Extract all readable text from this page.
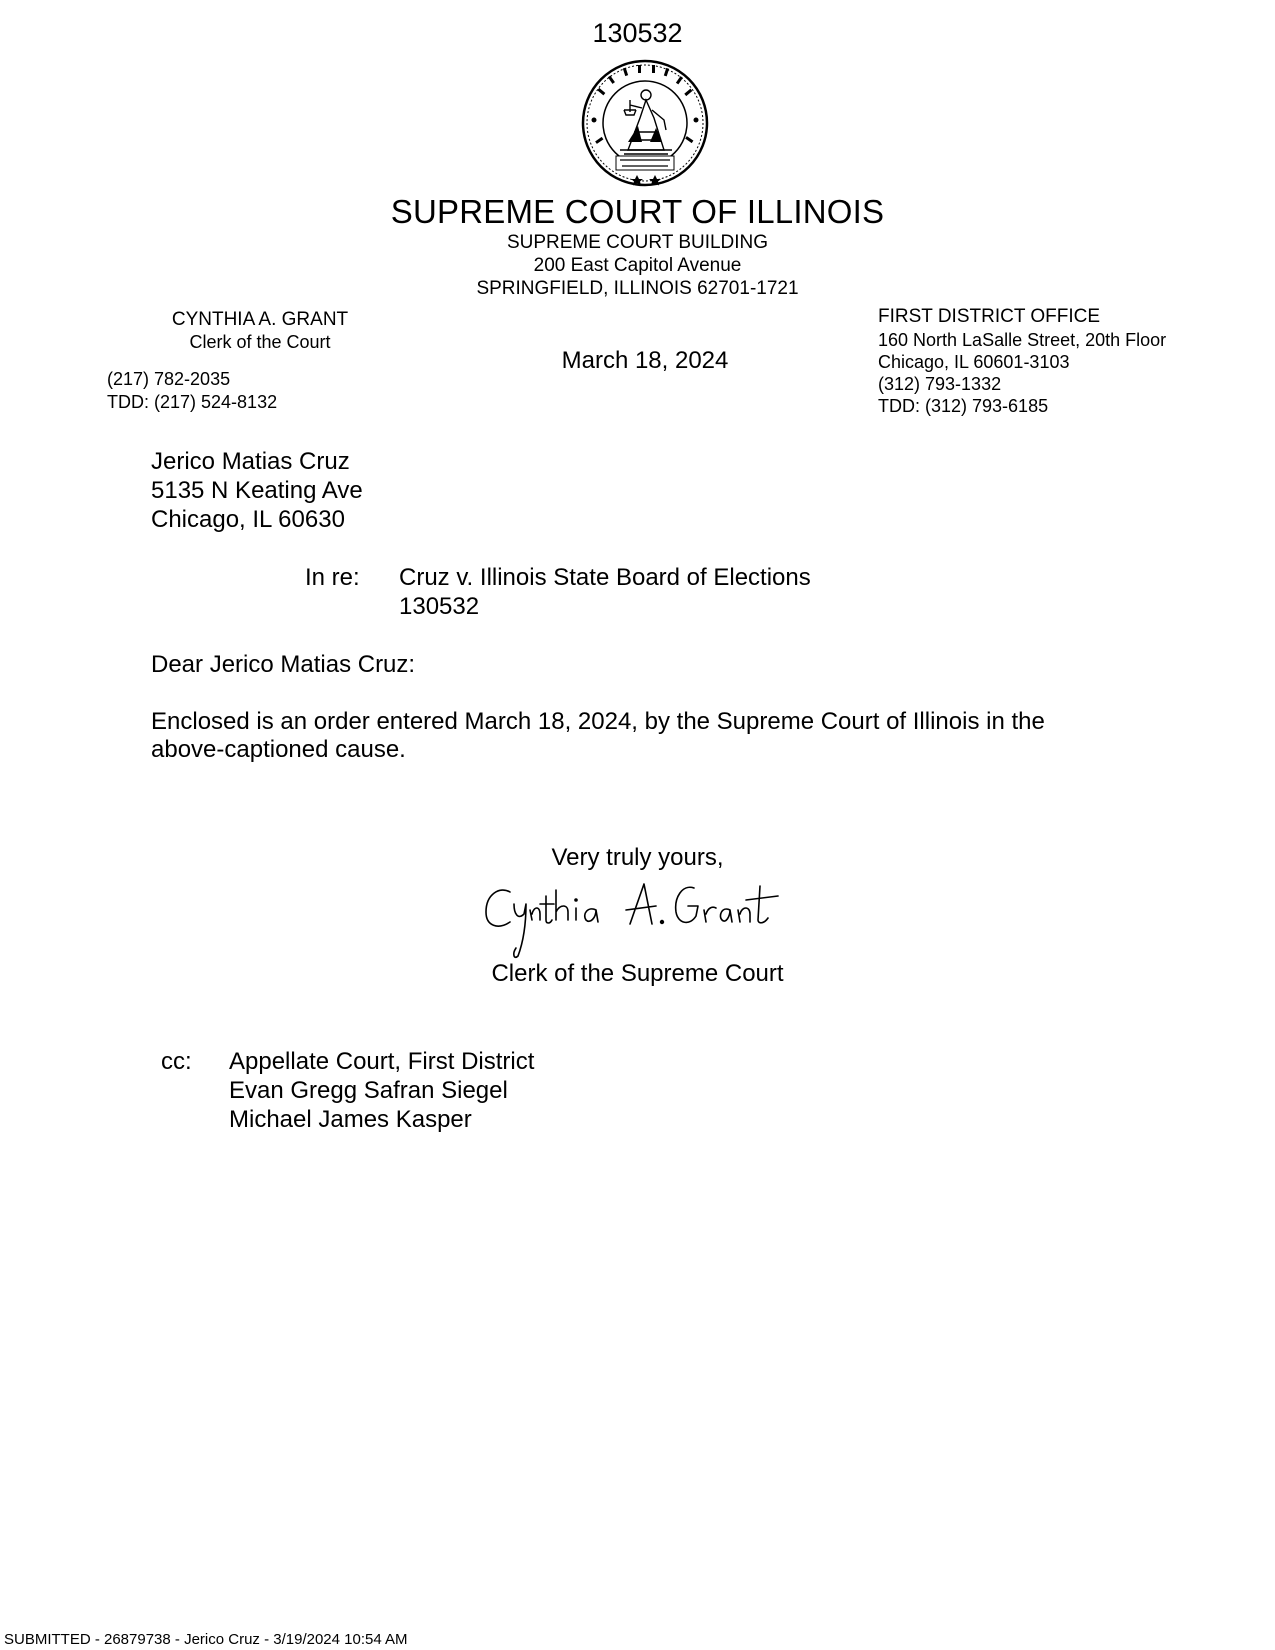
130532
SUPREME COURT OF ILLINOIS
SUPREME COURT BUILDING
200 East Capitol Avenue
SPRINGFIELD, ILLINOIS 62701-1721
CYNTHIA A. GRANT
Clerk of the Court
(217) 782-2035
TDD: (217) 524-8132
March 18, 2024
FIRST DISTRICT OFFICE
160 North LaSalle Street, 20th Floor
Chicago, IL 60601-3103
(312) 793-1332
TDD: (312) 793-6185
Jerico Matias Cruz
5135 N Keating Ave
Chicago, IL 60630
In re: Cruz v. Illinois State Board of Elections
130532
Dear Jerico Matias Cruz:
Enclosed is an order entered March 18, 2024, by the Supreme Court of Illinois in the above-captioned cause.
Very truly yours,
Clerk of the Supreme Court
cc: Appellate Court, First District
Evan Gregg Safran Siegel
Michael James Kasper
SUBMITTED - 26879738 - Jerico Cruz - 3/19/2024 10:54 AM
